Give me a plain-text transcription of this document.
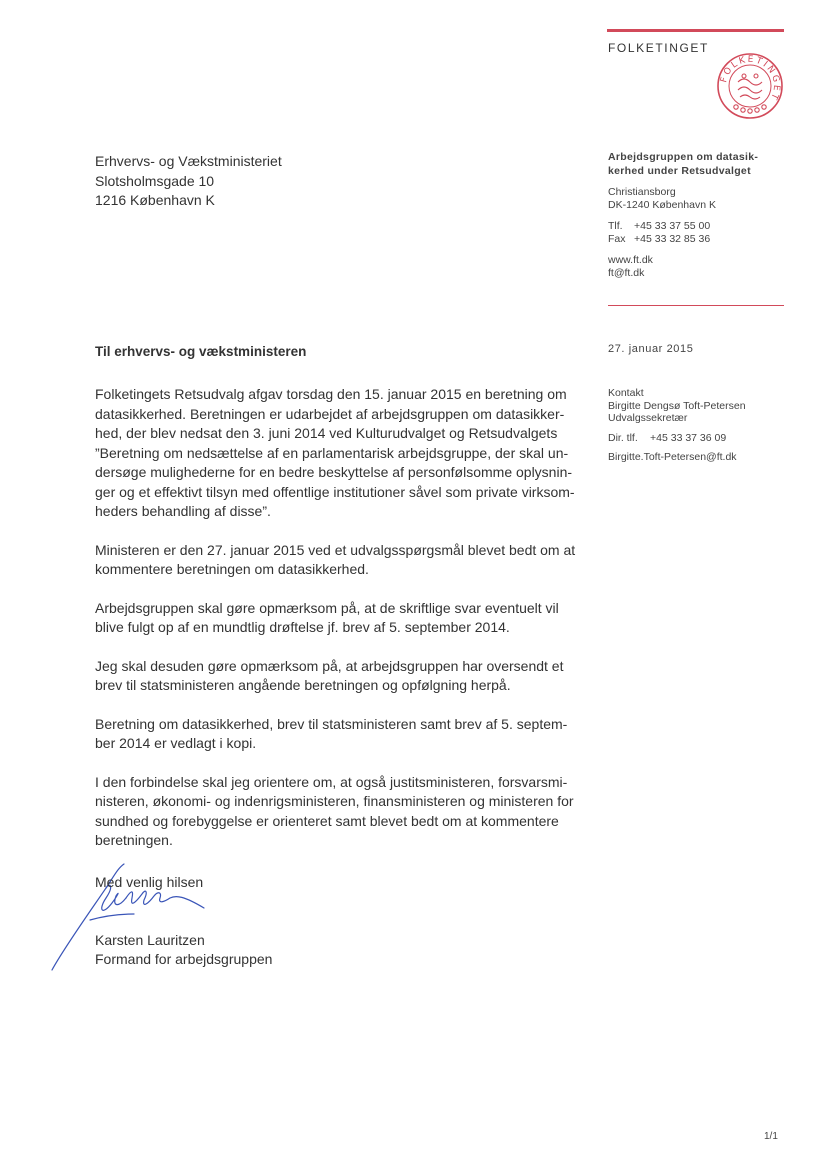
FOLKETINGET
FOLKETINGET
Erhvervs- og Vækstministeriet
Slotsholmsgade 10
1216 København K
Arbejdsgruppen om datasik-
kerhed under Retsudvalget
Christiansborg
DK-1240 København K
Tlf. +45 33 37 55 00
Fax +45 33 32 85 36
www.ft.dk
ft@ft.dk
27. januar 2015
Kontakt
Birgitte Dengsø Toft-Petersen
Udvalgssekretær
Dir. tlf. +45 33 37 36 09
Birgitte.Toft-Petersen@ft.dk
Til erhvervs- og vækstministeren

Folketingets Retsudvalg afgav torsdag den 15. januar 2015 en beretning om datasikkerhed. Beretningen er udarbejdet af arbejdsgruppen om datasikker-hed, der blev nedsat den 3. juni 2014 ved Kulturudvalget og Retsudvalgets ”Beretning om nedsættelse af en parlamentarisk arbejdsgruppe, der skal un-dersøge mulighederne for en bedre beskyttelse af personfølsomme oplysnin-ger og et effektivt tilsyn med offentlige institutioner såvel som private virksom-heders behandling af disse”.

Ministeren er den 27. januar 2015 ved et udvalgsspørgsmål blevet bedt om at kommentere beretningen om datasikkerhed.

Arbejdsgruppen skal gøre opmærksom på, at de skriftlige svar eventuelt vil blive fulgt op af en mundtlig drøftelse jf. brev af 5. september 2014.

Jeg skal desuden gøre opmærksom på, at arbejdsgruppen har oversendt et brev til statsministeren angående beretningen og opfølgning herpå.

Beretning om datasikkerhed, brev til statsministeren samt brev af 5. septem-ber 2014 er vedlagt i kopi.

I den forbindelse skal jeg orientere om, at også justitsministeren, forsvarsmi-nisteren, økonomi- og indenrigsministeren, finansministeren og ministeren for sundhed og forebyggelse er orienteret samt blevet bedt om at kommentere beretningen.

Med venlig hilsen
Karsten Lauritzen
Formand for arbejdsgruppen
1/1
